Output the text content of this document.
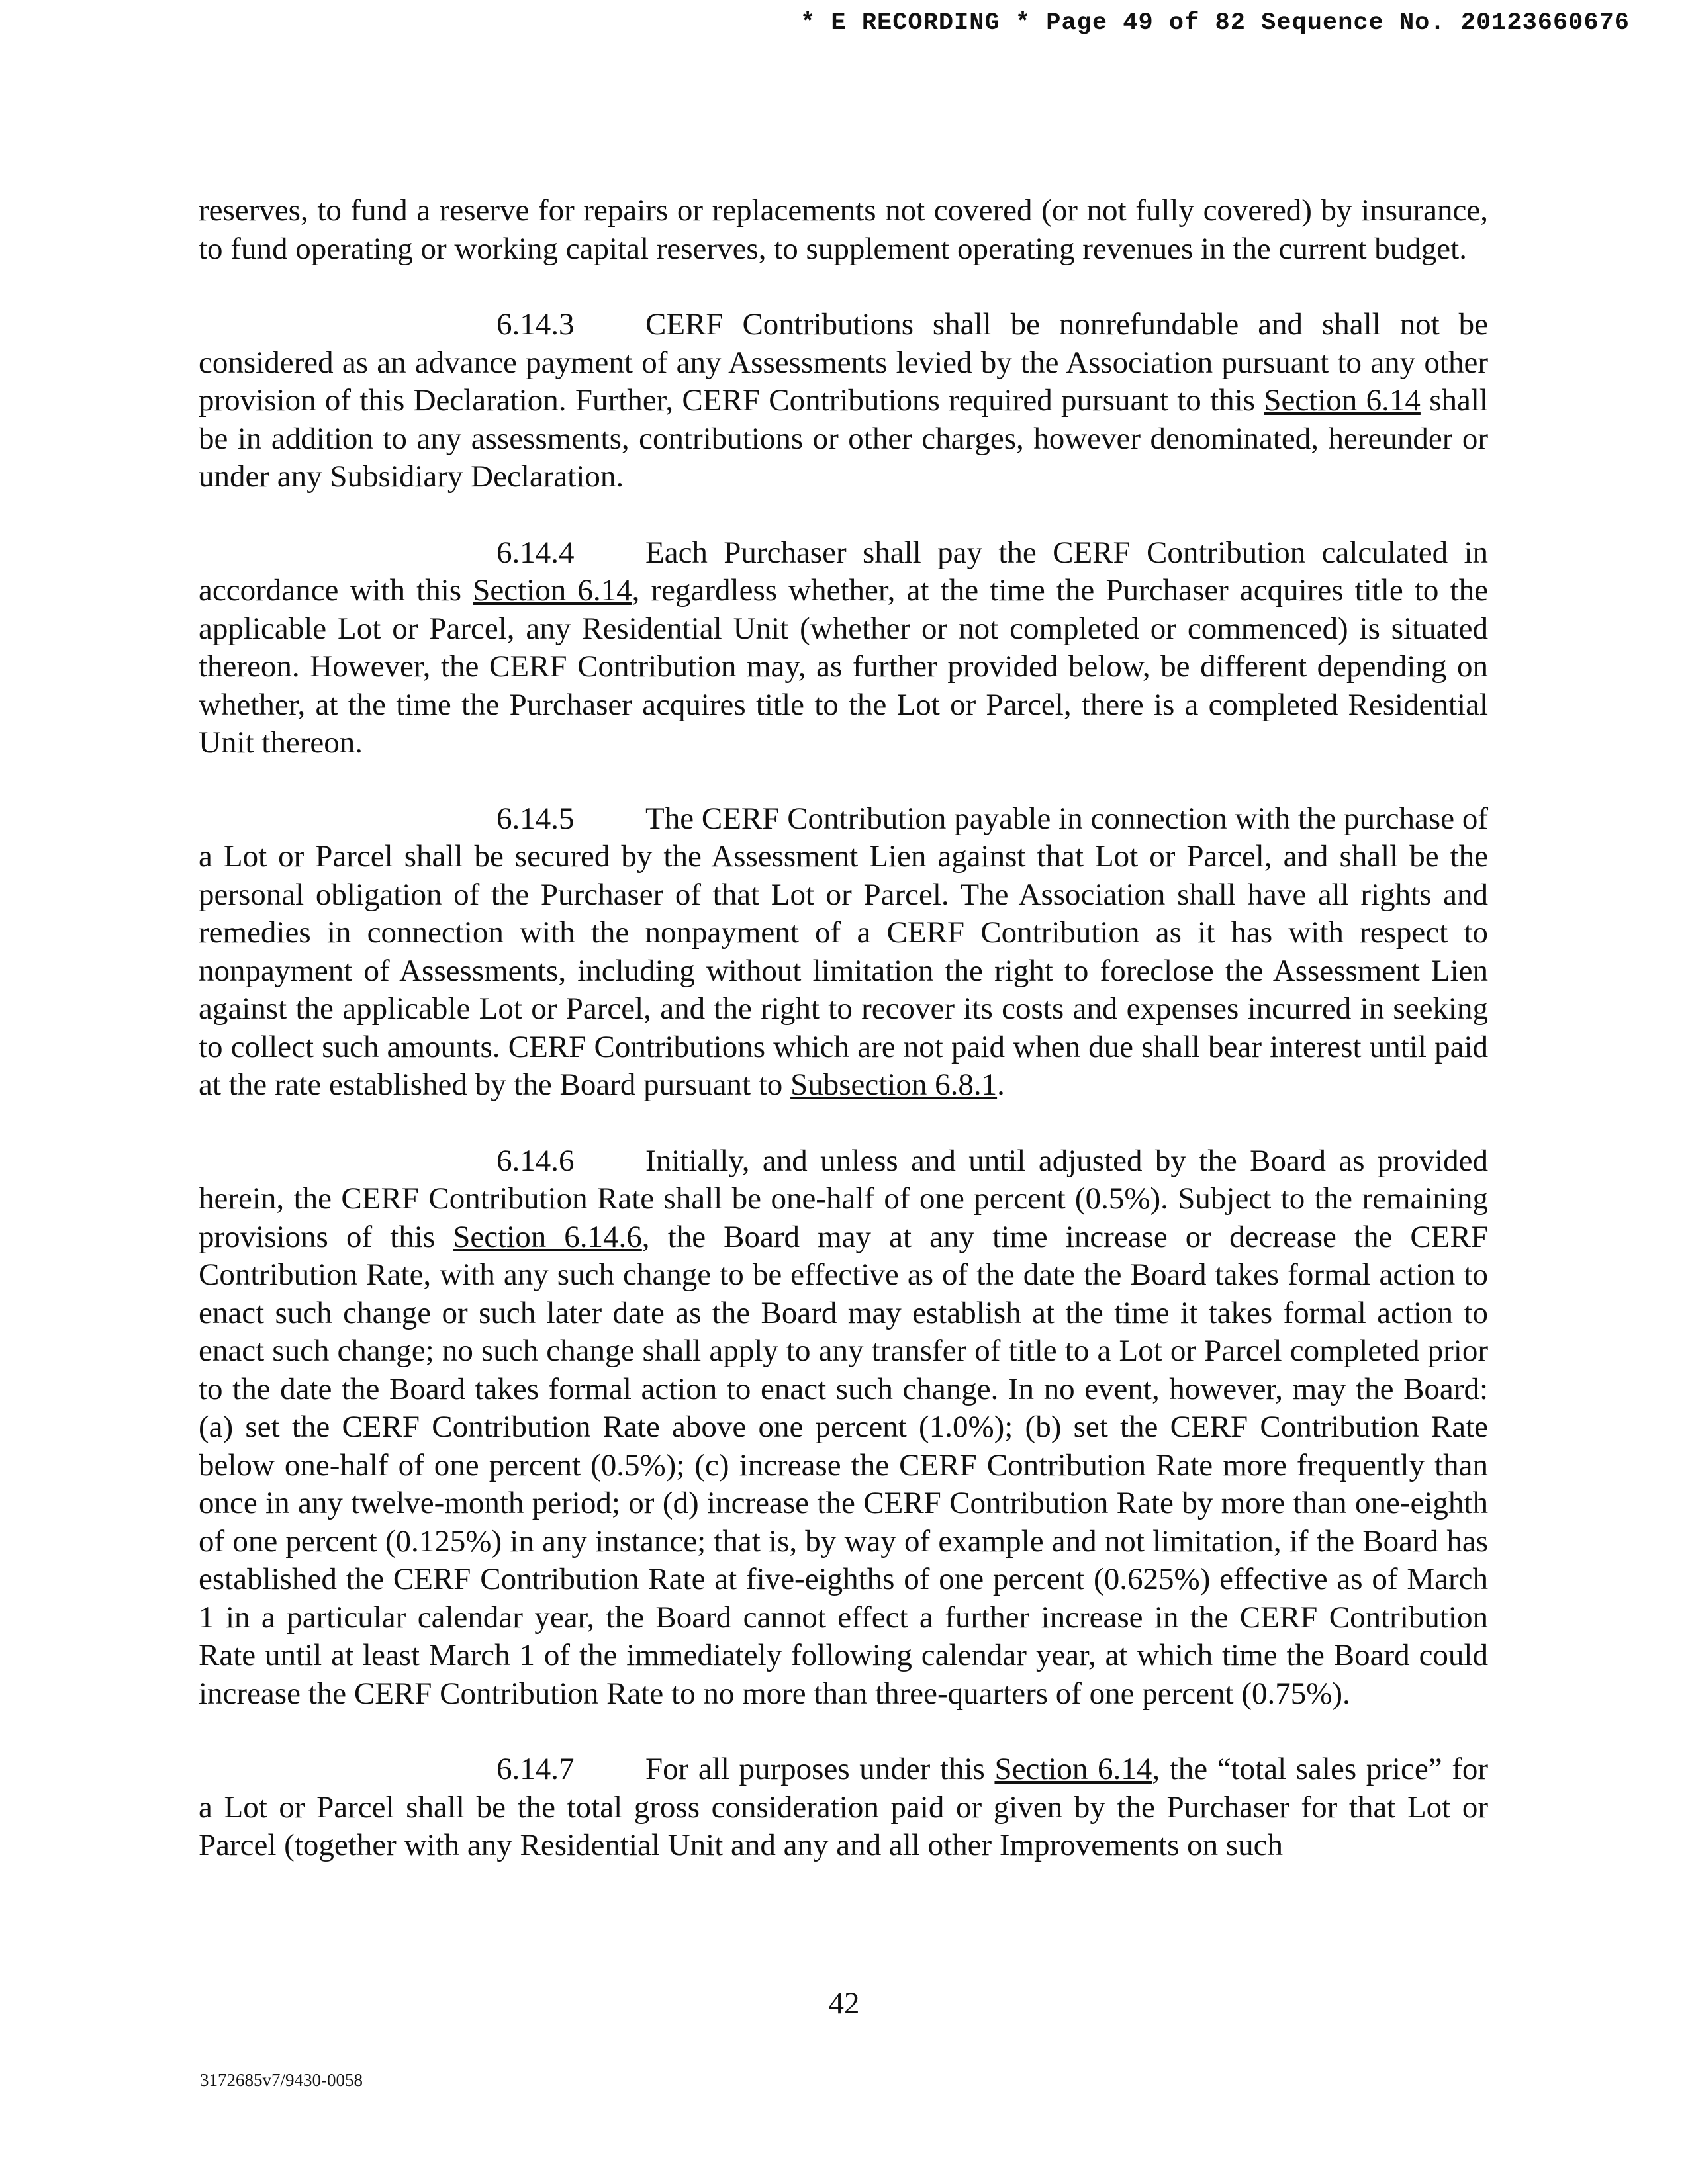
* E RECORDING * Page 49 of 82 Sequence No. 20123660676

reserves, to fund a reserve for repairs or replacements not covered (or not fully covered) by insurance, to fund operating or working capital reserves, to supplement operating revenues in the current budget.

6.14.3 CERF Contributions shall be nonrefundable and shall not be considered as an advance payment of any Assessments levied by the Association pursuant to any other provision of this Declaration. Further, CERF Contributions required pursuant to this Section 6.14 shall be in addition to any assessments, contributions or other charges, however denominated, hereunder or under any Subsidiary Declaration.

6.14.4 Each Purchaser shall pay the CERF Contribution calculated in accordance with this Section 6.14, regardless whether, at the time the Purchaser acquires title to the applicable Lot or Parcel, any Residential Unit (whether or not completed or commenced) is situated thereon. However, the CERF Contribution may, as further provided below, be different depending on whether, at the time the Purchaser acquires title to the Lot or Parcel, there is a completed Residential Unit thereon.

6.14.5 The CERF Contribution payable in connection with the purchase of a Lot or Parcel shall be secured by the Assessment Lien against that Lot or Parcel, and shall be the personal obligation of the Purchaser of that Lot or Parcel. The Association shall have all rights and remedies in connection with the nonpayment of a CERF Contribution as it has with respect to nonpayment of Assessments, including without limitation the right to foreclose the Assessment Lien against the applicable Lot or Parcel, and the right to recover its costs and expenses incurred in seeking to collect such amounts. CERF Contributions which are not paid when due shall bear interest until paid at the rate established by the Board pursuant to Subsection 6.8.1.

6.14.6 Initially, and unless and until adjusted by the Board as provided herein, the CERF Contribution Rate shall be one-half of one percent (0.5%). Subject to the remaining provisions of this Section 6.14.6, the Board may at any time increase or decrease the CERF Contribution Rate, with any such change to be effective as of the date the Board takes formal action to enact such change or such later date as the Board may establish at the time it takes formal action to enact such change; no such change shall apply to any transfer of title to a Lot or Parcel completed prior to the date the Board takes formal action to enact such change. In no event, however, may the Board: (a) set the CERF Contribution Rate above one percent (1.0%); (b) set the CERF Contribution Rate below one-half of one percent (0.5%); (c) increase the CERF Contribution Rate more frequently than once in any twelve-month period; or (d) increase the CERF Contribution Rate by more than one-eighth of one percent (0.125%) in any instance; that is, by way of example and not limitation, if the Board has established the CERF Contribution Rate at five-eighths of one percent (0.625%) effective as of March 1 in a particular calendar year, the Board cannot effect a further increase in the CERF Contribution Rate until at least March 1 of the immediately following calendar year, at which time the Board could increase the CERF Contribution Rate to no more than three-quarters of one percent (0.75%).

6.14.7 For all purposes under this Section 6.14, the “total sales price” for a Lot or Parcel shall be the total gross consideration paid or given by the Purchaser for that Lot or Parcel (together with any Residential Unit and any and all other Improvements on such

42
3172685v7/9430-0058
